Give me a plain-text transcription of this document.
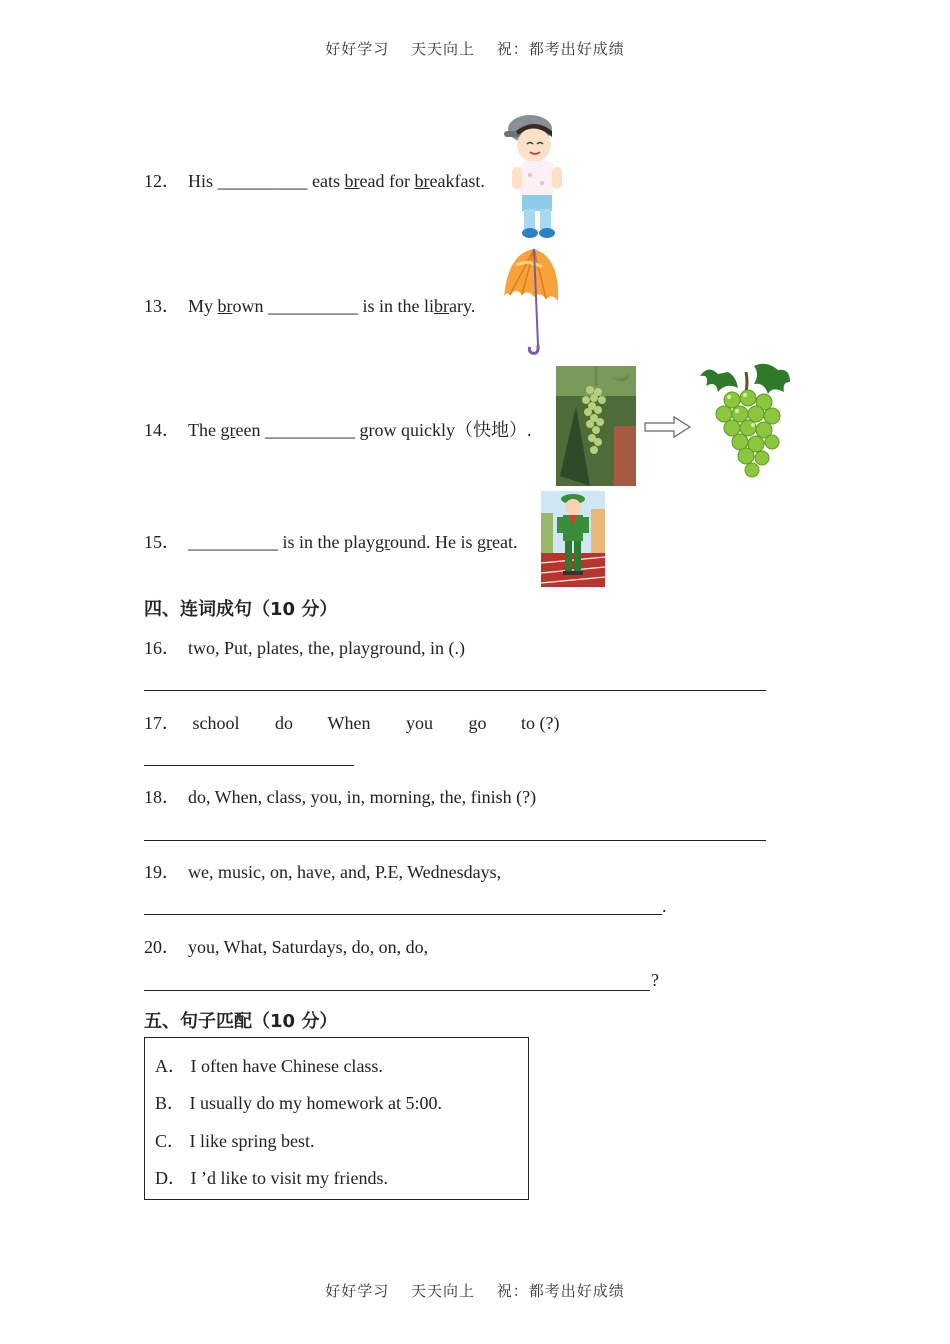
好好学习 天天向上 祝：都考出好成绩
12． His __________ eats bread for breakfast.
13． My brown __________ is in the library.
14． The green __________ grow quickly（快地）.
15． __________ is in the playground. He is great.
四、连词成句（10 分）
16． two, Put, plates, the, playground, in (.)
17． school do When you go to (?)
18． do, When, class, you, in, morning, the, finish (?)
19． we, music, on, have, and, P.E, Wednesdays,
.
20． you, What, Saturdays, do, on, do,
?
五、句子匹配（10 分）
A． I often have Chinese class.
B． I usually do my homework at 5:00.
C． I like spring best.
D． I ’d like to visit my friends.
好好学习 天天向上 祝：都考出好成绩
